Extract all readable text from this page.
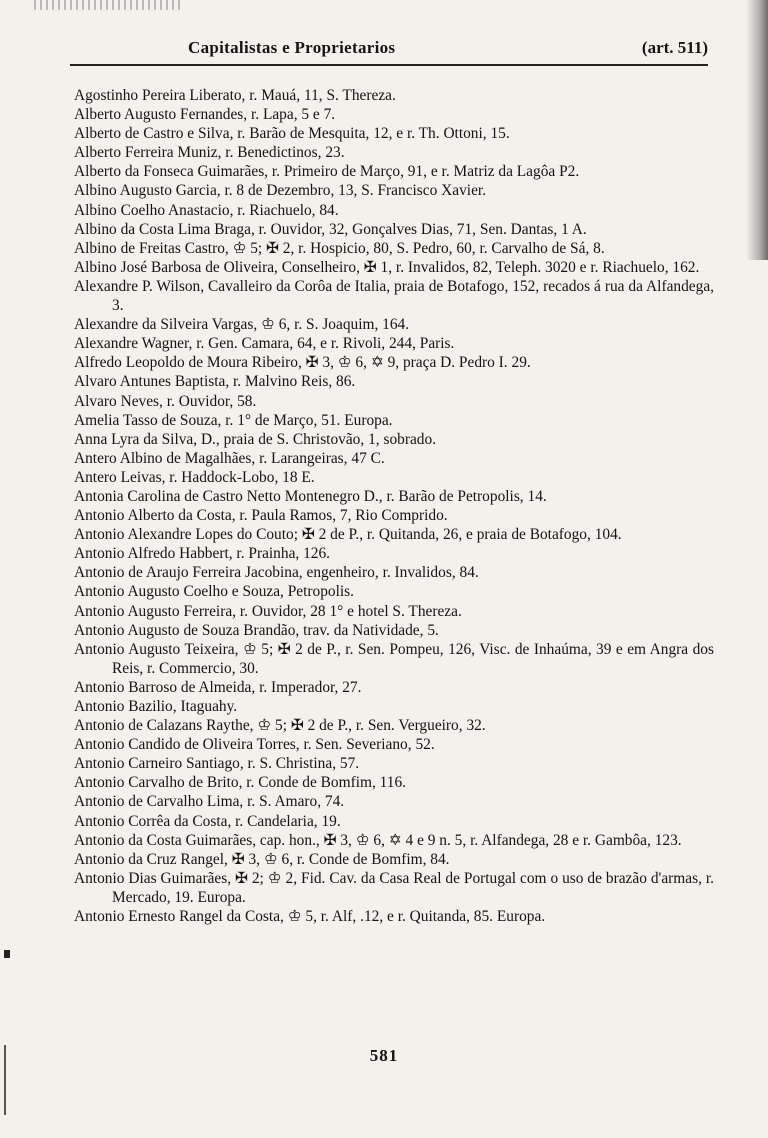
Capitalistas e Proprietarios	(art. 511)
Agostinho Pereira Liberato, r. Mauá, 11, S. Thereza.
Alberto Augusto Fernandes, r. Lapa, 5 e 7.
Alberto de Castro e Silva, r. Barão de Mesquita, 12, e r. Th. Ottoni, 15.
Alberto Ferreira Muniz, r. Benedictinos, 23.
Alberto da Fonseca Guimarães, r. Primeiro de Março, 91, e r. Matriz da Lagôa P2.
Albino Augusto Garcia, r. 8 de Dezembro, 13, S. Francisco Xavier.
Albino Coelho Anastacio, r. Riachuelo, 84.
Albino da Costa Lima Braga, r. Ouvidor, 32, Gonçalves Dias, 71, Sen. Dantas, 1 A.
Albino de Freitas Castro, ♔ 5; ✠ 2, r. Hospicio, 80, S. Pedro, 60, r. Carvalho de Sá, 8.
Albino José Barbosa de Oliveira, Conselheiro, ✠ 1, r. Invalidos, 82, Teleph. 3020 e r. Riachuelo, 162.
Alexandre P. Wilson, Cavalleiro da Corôa de Italia, praia de Botafogo, 152, recados á rua da Alfandega, 3.
Alexandre da Silveira Vargas, ♔ 6, r. S. Joaquim, 164.
Alexandre Wagner, r. Gen. Camara, 64, e r. Rivoli, 244, Paris.
Alfredo Leopoldo de Moura Ribeiro, ✠ 3, ♔ 6, ✡ 9, praça D. Pedro I. 29.
Alvaro Antunes Baptista, r. Malvino Reis, 86.
Alvaro Neves, r. Ouvidor, 58.
Amelia Tasso de Souza, r. 1° de Março, 51. Europa.
Anna Lyra da Silva, D., praia de S. Christovão, 1, sobrado.
Antero Albino de Magalhães, r. Larangeiras, 47 C.
Antero Leivas, r. Haddock-Lobo, 18 E.
Antonia Carolina de Castro Netto Montenegro D., r. Barão de Petropolis, 14.
Antonio Alberto da Costa, r. Paula Ramos, 7, Rio Comprido.
Antonio Alexandre Lopes do Couto; ✠ 2 de P., r. Quitanda, 26, e praia de Botafogo, 104.
Antonio Alfredo Habbert, r. Prainha, 126.
Antonio de Araujo Ferreira Jacobina, engenheiro, r. Invalidos, 84.
Antonio Augusto Coelho e Souza, Petropolis.
Antonio Augusto Ferreira, r. Ouvidor, 28 1° e hotel S. Thereza.
Antonio Augusto de Souza Brandão, trav. da Natividade, 5.
Antonio Augusto Teixeira, ♔ 5; ✠ 2 de P., r. Sen. Pompeu, 126, Visc. de Inhaúma, 39 e em Angra dos Reis, r. Commercio, 30.
Antonio Barroso de Almeida, r. Imperador, 27.
Antonio Bazilio, Itaguahy.
Antonio de Calazans Raythe, ♔ 5; ✠ 2 de P., r. Sen. Vergueiro, 32.
Antonio Candido de Oliveira Torres, r. Sen. Severiano, 52.
Antonio Carneiro Santiago, r. S. Christina, 57.
Antonio Carvalho de Brito, r. Conde de Bomfim, 116.
Antonio de Carvalho Lima, r. S. Amaro, 74.
Antonio Corrêa da Costa, r. Candelaria, 19.
Antonio da Costa Guimarães, cap. hon., ✠ 3, ♔ 6, ✡ 4 e 9 n. 5, r. Alfandega, 28 e r. Gambôa, 123.
Antonio da Cruz Rangel, ✠ 3, ♔ 6, r. Conde de Bomfim, 84.
Antonio Dias Guimarães, ✠ 2; ♔ 2, Fid. Cav. da Casa Real de Portugal com o uso de brazão d'armas, r. Mercado, 19. Europa.
Antonio Ernesto Rangel da Costa, ♔ 5, r. Alf, .12, e r. Quitanda, 85. Europa.
581
